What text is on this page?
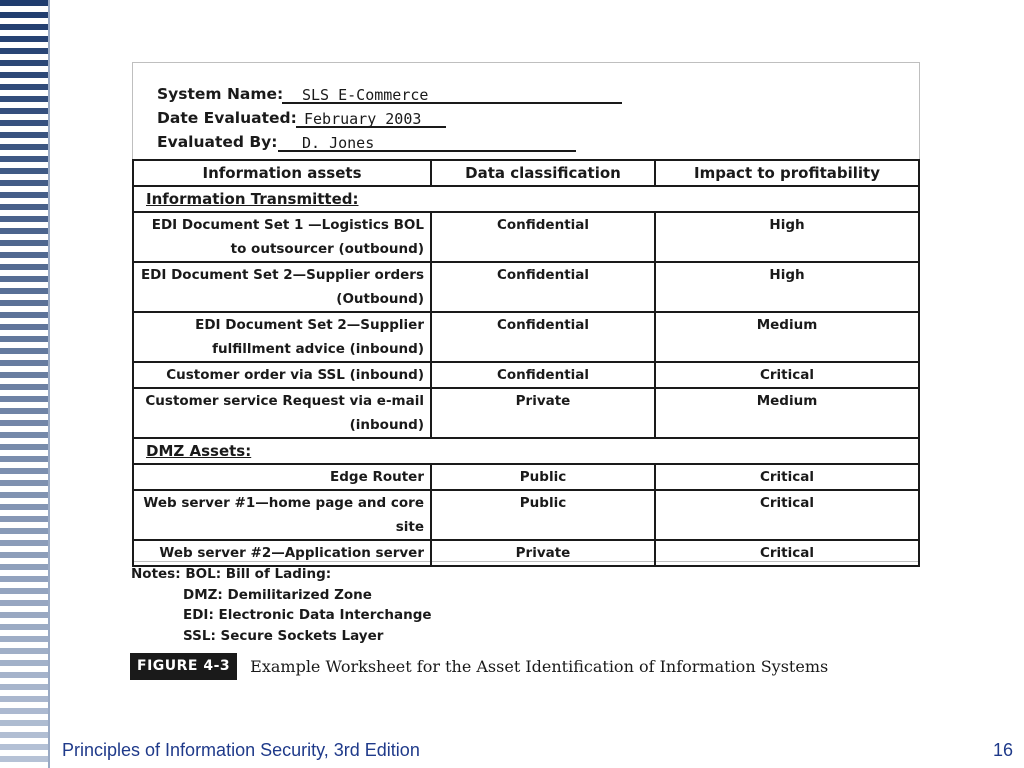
System Name:	SLS E-Commerce
Date Evaluated: February 2003
Evaluated By:	D. Jones
Information assets	Data classification	Impact to profitability
Information Transmitted:		

EDI Document Set 1 —Logistics BOL
to outsourcer (outbound)	Confidential	High

EDI Document Set 2—Supplier orders
(Outbound)	Confidential	High

EDI Document Set 2—Supplier
fulfillment advice (inbound)	Confidential	Medium

Customer order via SSL (inbound)	Confidential	Critical

Customer service Request via e-mail
(inbound)	Private	Medium
DMZ Assets:		

Edge Router	Public	Critical

Web server #1—home page and core
site	Public	Critical

Web server #2—Application server	Private	Critical
Notes: BOL: Bill of Lading:
DMZ: Demilitarized Zone
EDI: Electronic Data Interchange
SSL: Secure Sockets Layer
FIGURE 4-3	Example Worksheet for the Asset Identification of Information Systems
Principles of Information Security, 3rd Edition	16
